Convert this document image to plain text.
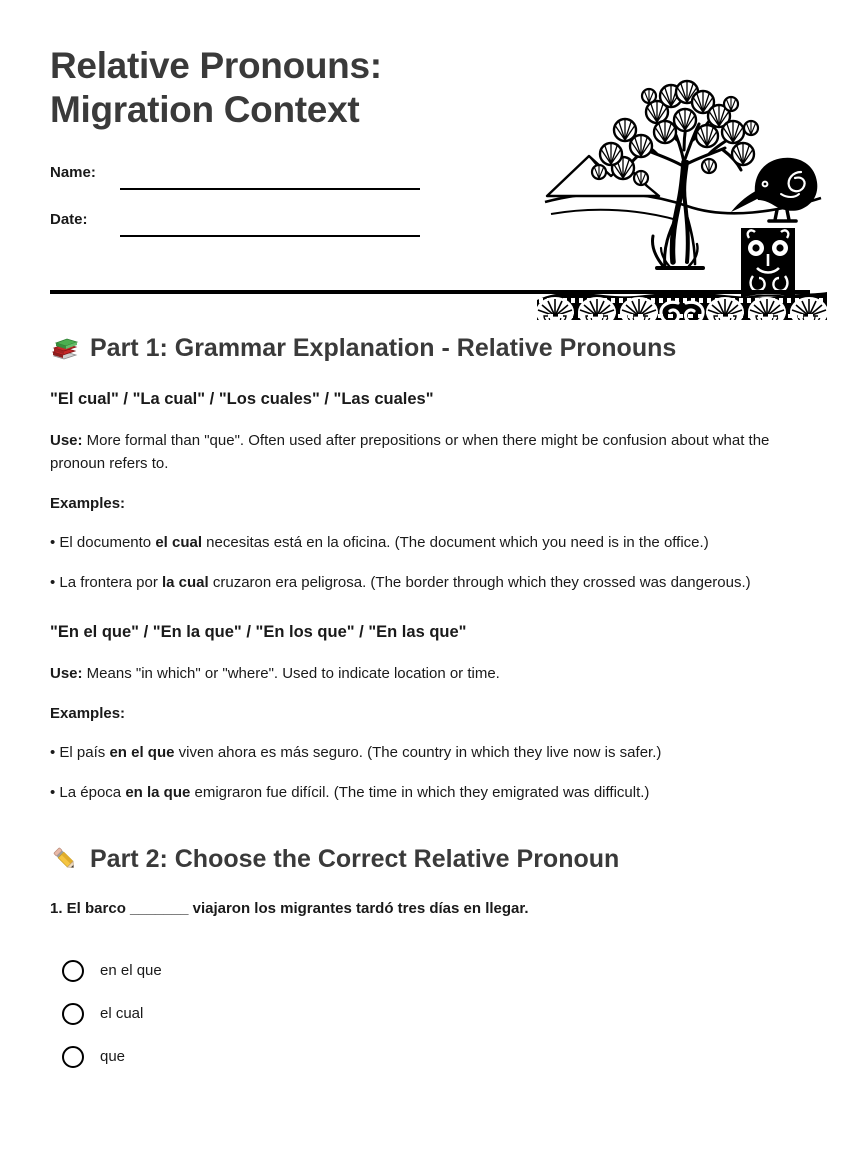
Relative Pronouns: Migration Context
Name:
Date:
Part 1: Grammar Explanation - Relative Pronouns
"El cual" / "La cual" / "Los cuales" / "Las cuales"

Use: More formal than "que". Often used after prepositions or when there might be confusion about what the pronoun refers to.

Examples:

• El documento el cual necesitas está en la oficina. (The document which you need is in the office.)

• La frontera por la cual cruzaron era peligrosa. (The border through which they crossed was dangerous.)

"En el que" / "En la que" / "En los que" / "En las que"

Use: Means "in which" or "where". Used to indicate location or time.

Examples:

• El país en el que viven ahora es más seguro. (The country in which they live now is safer.)

• La época en la que emigraron fue difícil. (The time in which they emigrated was difficult.)

Part 2: Choose the Correct Relative Pronoun
1. El barco _______ viajaron los migrantes tardó tres días en llegar.
en el que
el cual
que
